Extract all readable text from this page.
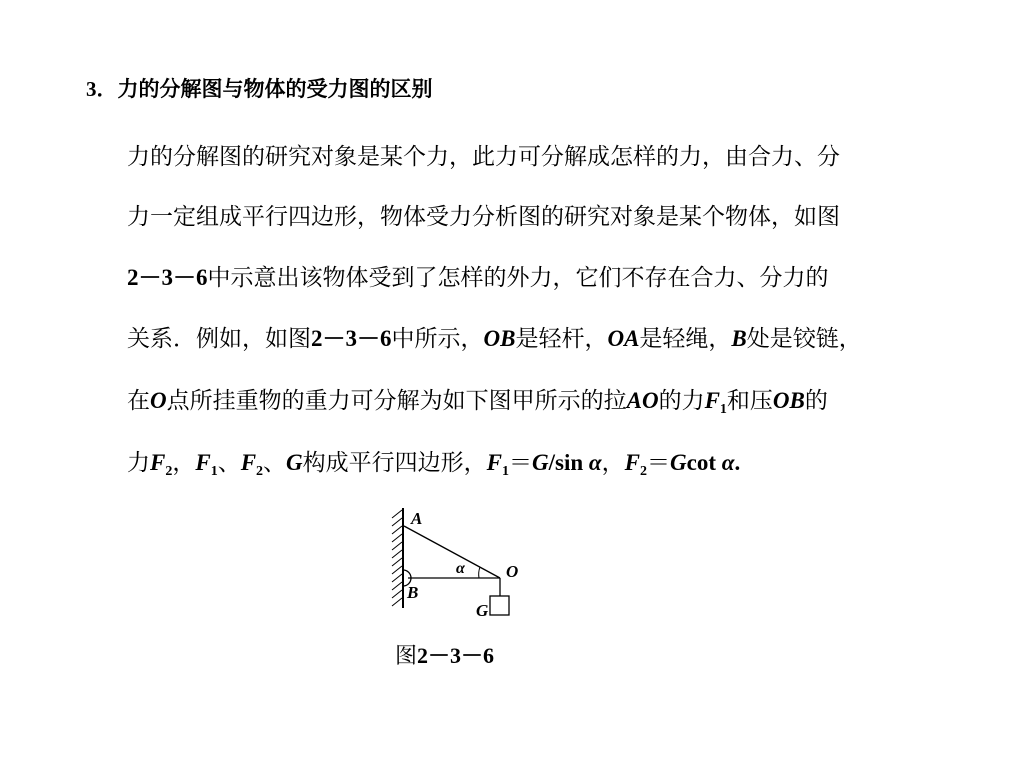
3．力的分解图与物体的受力图的区别
力的分解图的研究对象是某个力，此力可分解成怎样的力，由合力、分
力一定组成平行四边形，物体受力分析图的研究对象是某个物体，如图
2－3－6中示意出该物体受到了怎样的外力，它们不存在合力、分力的
关系．例如，如图2－3－6中所示，OB是轻杆，OA是轻绳，B处是铰链，
在O点所挂重物的重力可分解为如下图甲所示的拉AO的力$F_1$和压OB的
力$F_2$，$F_1$、$F_2$、G构成平行四边形，$F_1=G/\sin$ α，$F_2=Gcot$ α.
A
B
O
G
α
图2－3－6
